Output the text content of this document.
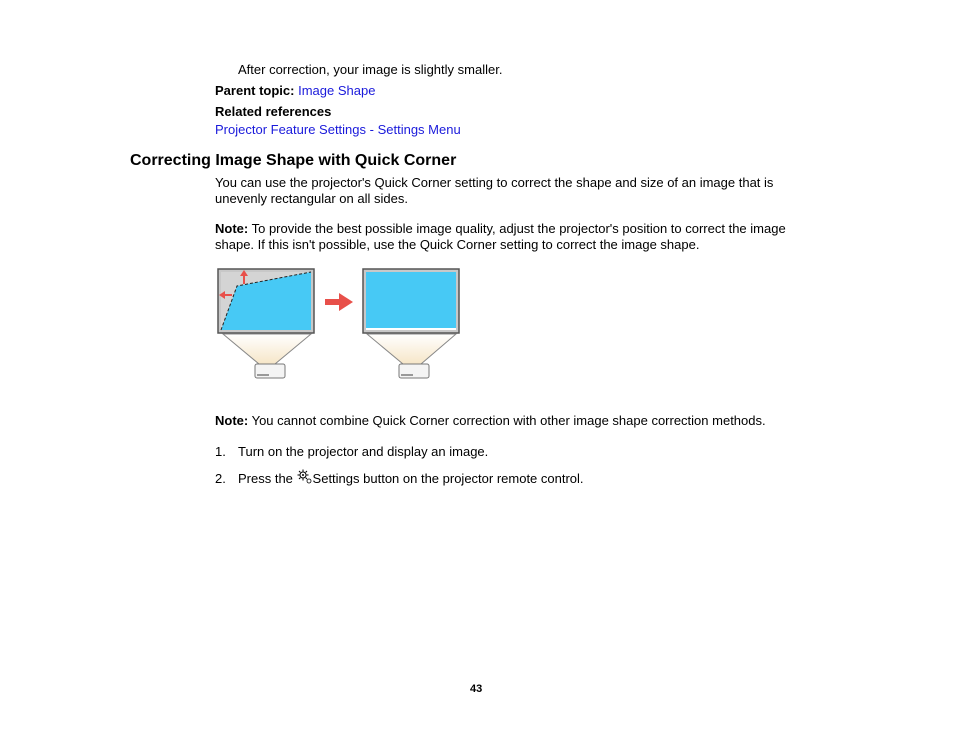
After correction, your image is slightly smaller.
Parent topic: Image Shape
Related references
Projector Feature Settings - Settings Menu
Correcting Image Shape with Quick Corner
You can use the projector's Quick Corner setting to correct the shape and size of an image that is
unevenly rectangular on all sides.
Note: To provide the best possible image quality, adjust the projector's position to correct the image
shape. If this isn't possible, use the Quick Corner setting to correct the image shape.
Note: You cannot combine Quick Corner correction with other image shape correction methods.
1. Turn on the projector and display an image.
2. Press the Settings button on the projector remote control.
43
